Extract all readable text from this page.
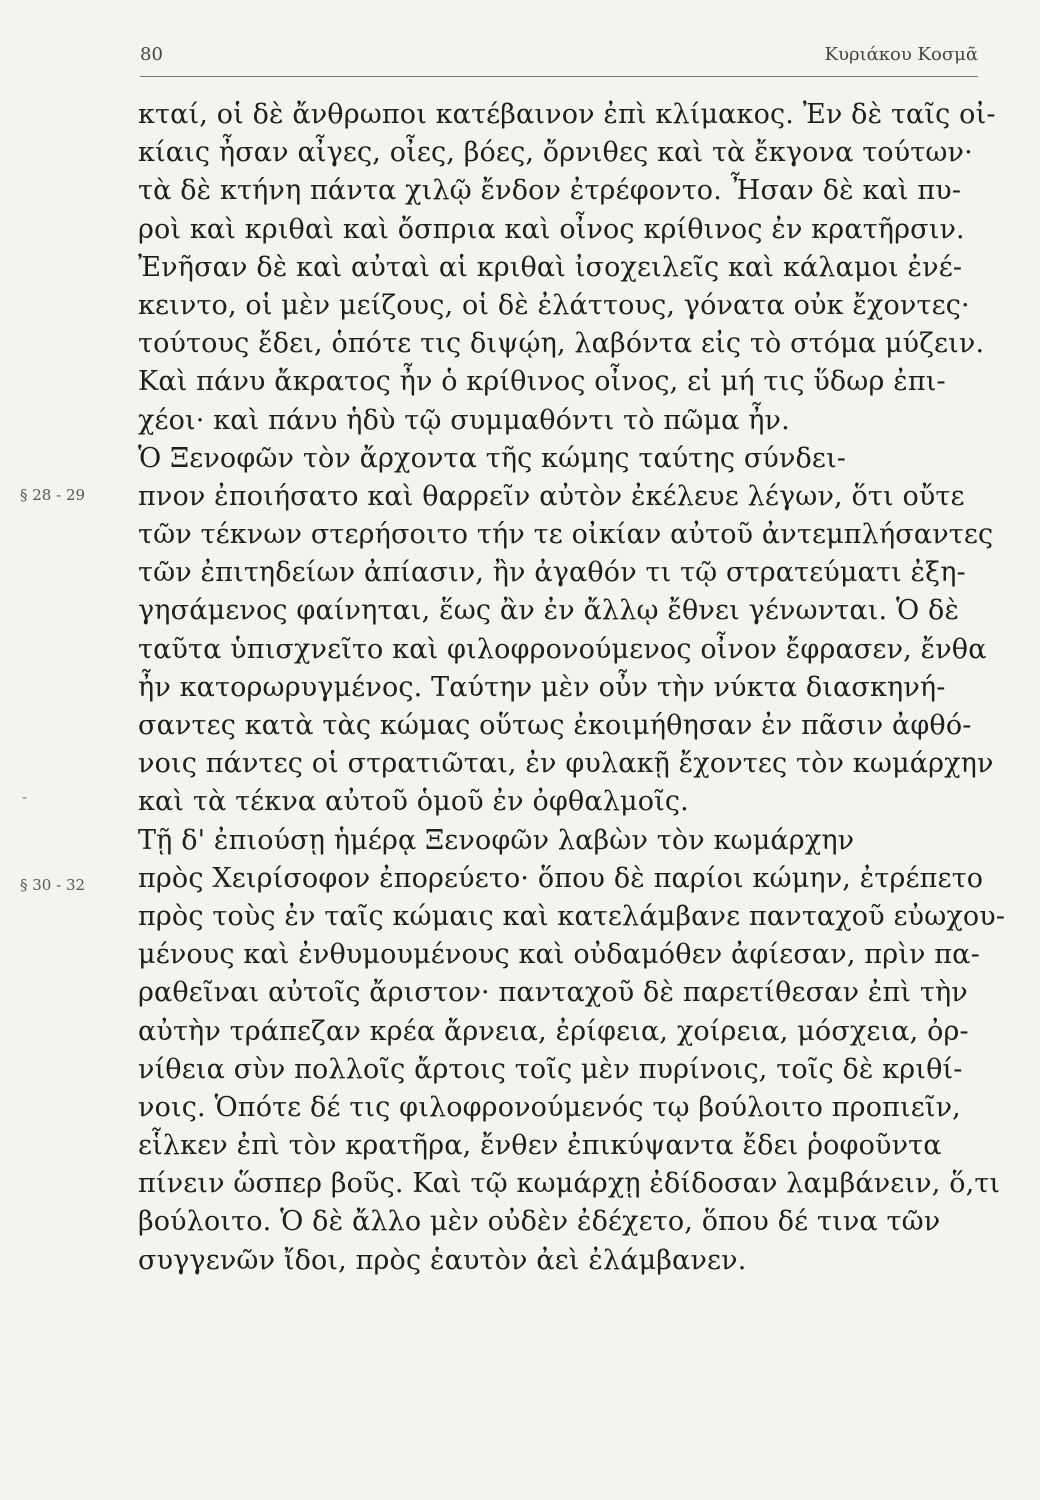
80	Κυριάκου Κοσμᾶ
§ 28 - 29
-
§ 30 - 32
κταί, οἱ δὲ ἄνθρωποι κατέβαινον ἐπὶ κλίμακος. Ἐν δὲ ταῖς οἰ-
κίαις ἦσαν αἶγες, οἶες, βόες, ὄρνιθες καὶ τὰ ἔκγονα τούτων·
τὰ δὲ κτήνη πάντα χιλῷ ἔνδον ἐτρέφοντο. Ἦσαν δὲ καὶ πυ-
ροὶ καὶ κριθαὶ καὶ ὄσπρια καὶ οἶνος κρίθινος ἐν κρατῆρσιν.
Ἐνῆσαν δὲ καὶ αὐταὶ αἱ κριθαὶ ἰσοχειλεῖς καὶ κάλαμοι ἐνέ-
κειντο, οἱ μὲν μείζους, οἱ δὲ ἐλάττους, γόνατα οὐκ ἔχοντες·
τούτους ἔδει, ὁπότε τις διψῴη, λαβόντα εἰς τὸ στόμα μύζειν.
Καὶ πάνυ ἄκρατος ἦν ὁ κρίθινος οἶνος, εἰ μή τις ὕδωρ ἐπι-
χέοι· καὶ πάνυ ἡδὺ τῷ συμμαθόντι τὸ πῶμα ἦν.
Ὁ Ξενοφῶν τὸν ἄρχοντα τῆς κώμης ταύτης σύνδει-
πνον ἐποιήσατο καὶ θαρρεῖν αὐτὸν ἐκέλευε λέγων, ὅτι οὔτε
τῶν τέκνων στερήσοιτο τήν τε οἰκίαν αὐτοῦ ἀντεμπλήσαντες
τῶν ἐπιτηδείων ἀπίασιν, ἢν ἀγαθόν τι τῷ στρατεύματι ἐξη-
γησάμενος φαίνηται, ἕως ἂν ἐν ἄλλῳ ἔθνει γένωνται. Ὁ δὲ
ταῦτα ὑπισχνεῖτο καὶ φιλοφρονούμενος οἶνον ἔφρασεν, ἔνθα
ἦν κατορωρυγμένος. Ταύτην μὲν οὖν τὴν νύκτα διασκηνή-
σαντες κατὰ τὰς κώμας οὕτως ἐκοιμήθησαν ἐν πᾶσιν ἀφθό-
νοις πάντες οἱ στρατιῶται, ἐν φυλακῇ ἔχοντες τὸν κωμάρχην
καὶ τὰ τέκνα αὐτοῦ ὁμοῦ ἐν ὀφθαλμοῖς.
Τῇ δ' ἐπιούσῃ ἡμέρᾳ Ξενοφῶν λαβὼν τὸν κωμάρχην
πρὸς Χειρίσοφον ἐπορεύετο· ὅπου δὲ παρίοι κώμην, ἐτρέπετο
πρὸς τοὺς ἐν ταῖς κώμαις καὶ κατελάμβανε πανταχοῦ εὐωχου-
μένους καὶ ἐνθυμουμένους καὶ οὐδαμόθεν ἀφίεσαν, πρὶν πα-
ραθεῖναι αὐτοῖς ἄριστον· πανταχοῦ δὲ παρετίθεσαν ἐπὶ τὴν
αὐτὴν τράπεζαν κρέα ἄρνεια, ἐρίφεια, χοίρεια, μόσχεια, ὀρ-
νίθεια σὺν πολλοῖς ἄρτοις τοῖς μὲν πυρίνοις, τοῖς δὲ κριθί-
νοις. Ὁπότε δέ τις φιλοφρονούμενός τῳ βούλοιτο προπιεῖν,
εἷλκεν ἐπὶ τὸν κρατῆρα, ἔνθεν ἐπικύψαντα ἔδει ῥοφοῦντα
πίνειν ὥσπερ βοῦς. Καὶ τῷ κωμάρχῃ ἐδίδοσαν λαμβάνειν, ὅ,τι
βούλοιτο. Ὁ δὲ ἄλλο μὲν οὐδὲν ἐδέχετο, ὅπου δέ τινα τῶν
συγγενῶν ἴδοι, πρὸς ἑαυτὸν ἀεὶ ἐλάμβανεν.
